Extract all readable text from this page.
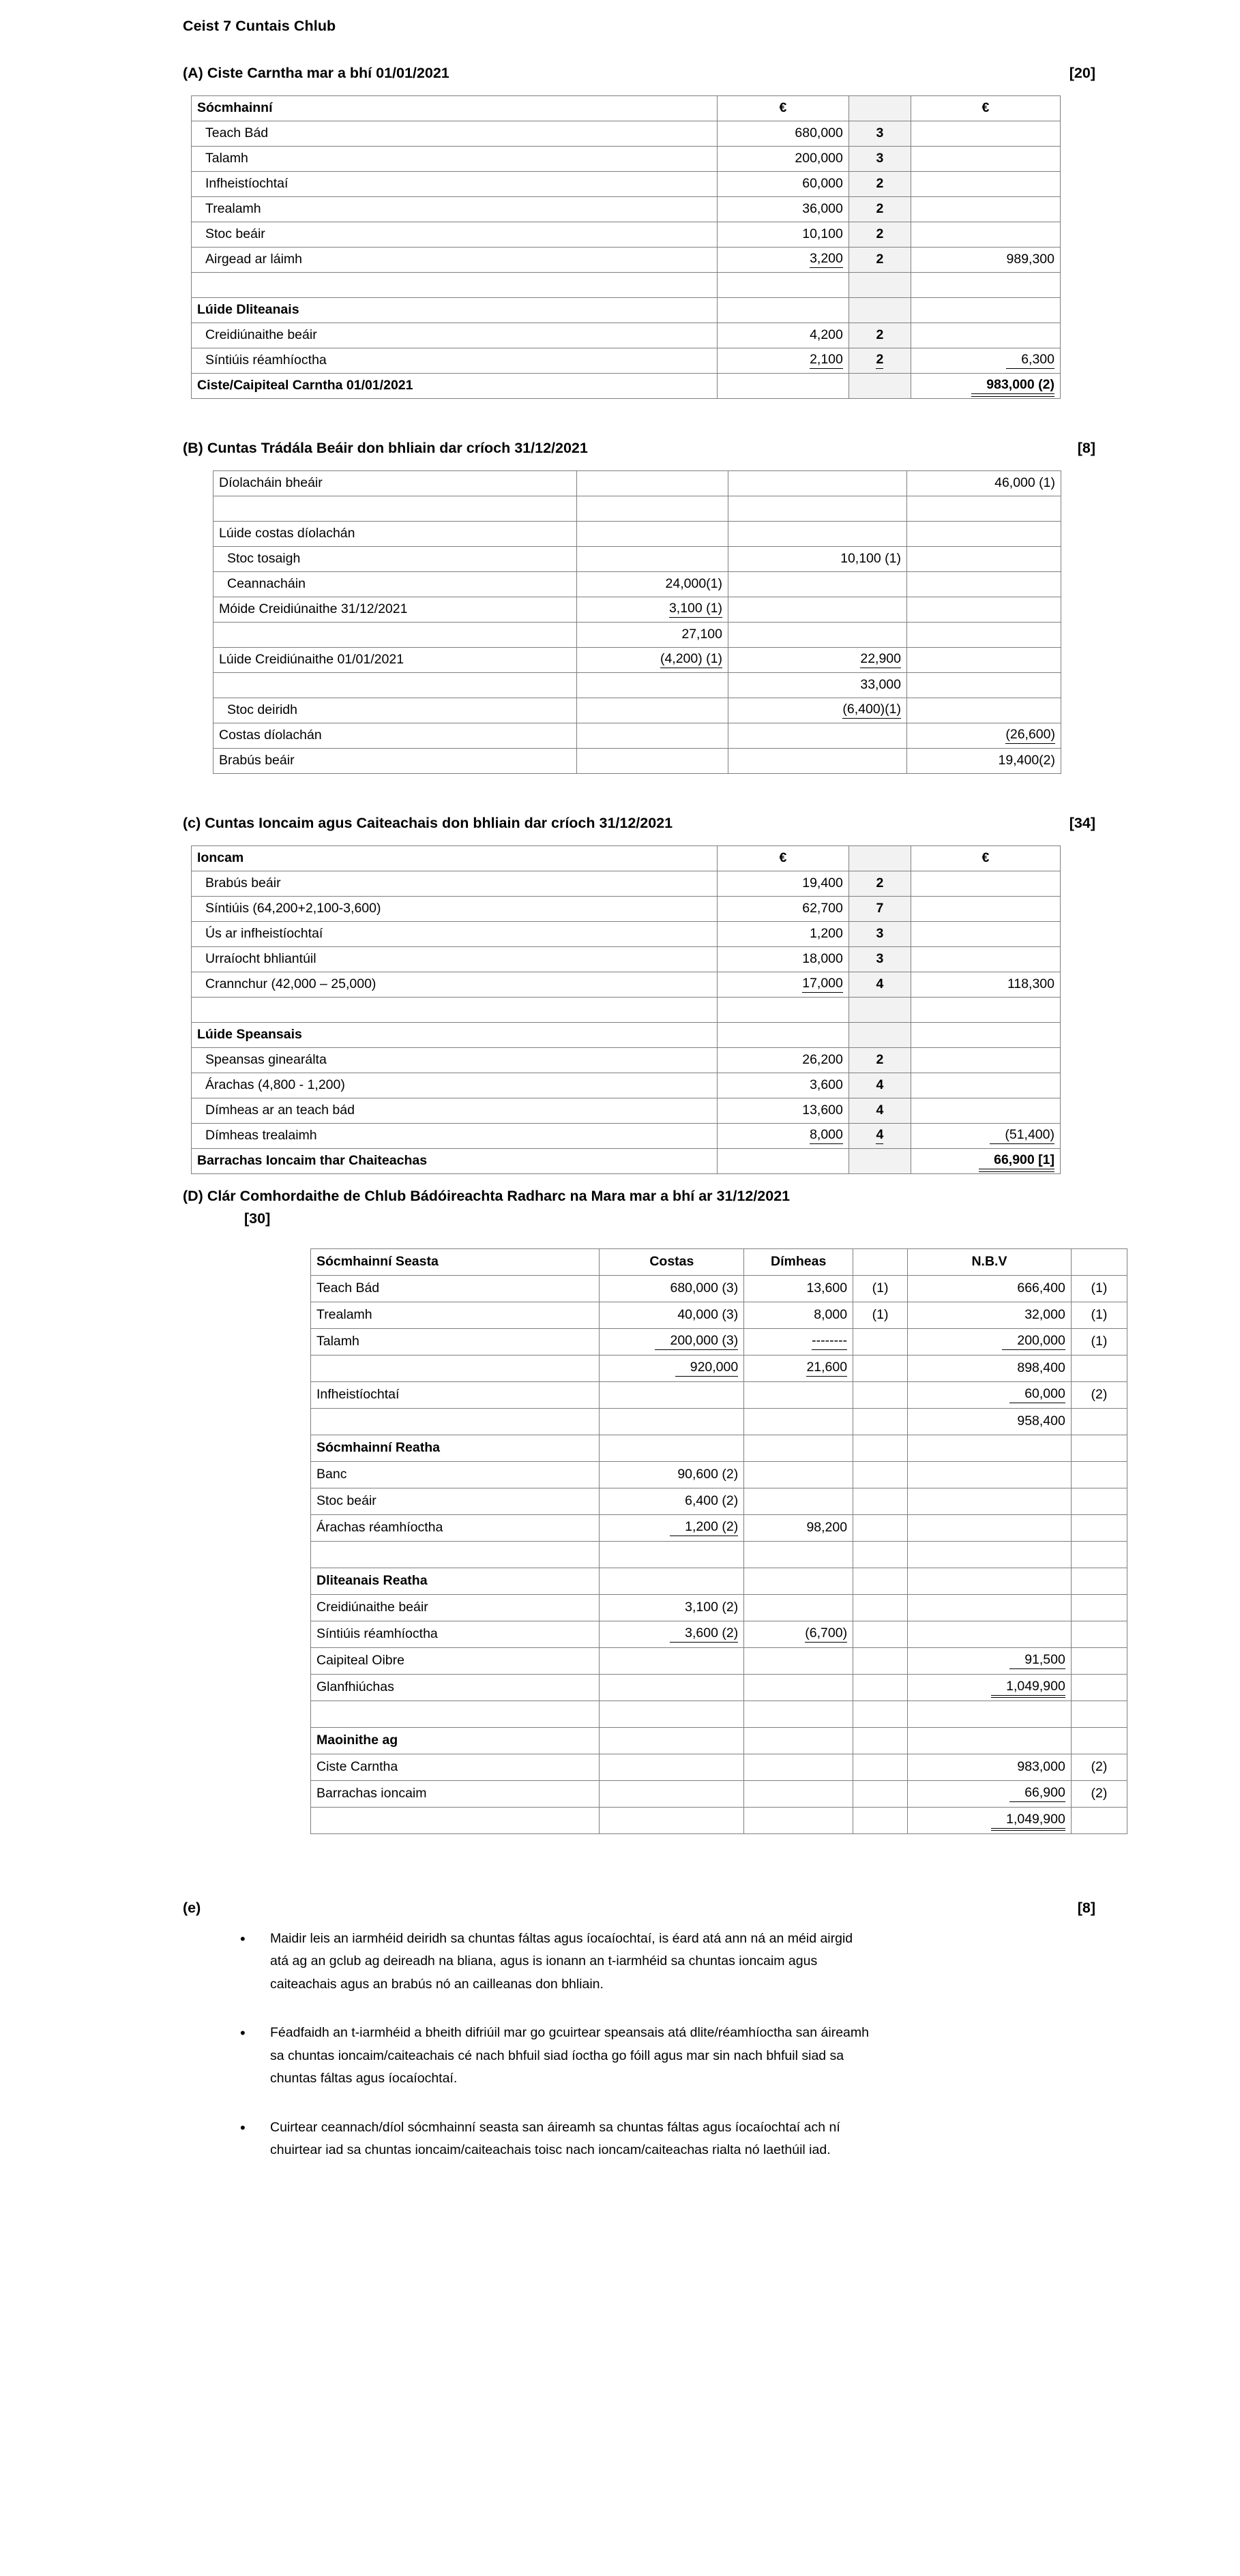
Ceist 7 Cuntais Chlub
(A) Ciste Carntha mar a bhí 01/01/2021	[20]
Sócmhainní	€		€
Teach Bád	680,000	3	
Talamh	200,000	3	
Infheistíochtaí	60,000	2	
Trealamh	36,000	2	
Stoc beáir	10,100	2	
Airgead ar láimh	3,200	2	989,300

Lúide Dliteanais			
Creidiúnaithe beáir	4,200	2	
Síntiúis réamhíoctha	2,100	2	6,300
Ciste/Caipiteal Carntha 01/01/2021			983,000 (2)
(B) Cuntas Trádála Beáir don bhliain dar críoch 31/12/2021	[8]
Díolacháin bheáir			46,000 (1)

Lúide costas díolachán			
Stoc tosaigh		10,100 (1)	
Ceannacháin	24,000(1)		
Móide Creidiúnaithe 31/12/2021	3,100 (1)		
	27,100		
Lúide Creidiúnaithe 01/01/2021	(4,200) (1)	22,900	
		33,000	
Stoc deiridh		(6,400)(1)	
Costas díolachán			(26,600)
Brabús beáir			19,400(2)
(c) Cuntas Ioncaim agus Caiteachais don bhliain dar críoch 31/12/2021	[34]
Ioncam	€		€
Brabús beáir	19,400	2	
Síntiúis (64,200+2,100-3,600)	62,700	7	
Ús ar infheistíochtaí	1,200	3	
Urraíocht bhliantúil	18,000	3	
Crannchur (42,000 – 25,000)	17,000	4	118,300

Lúide Speansais			
Speansas ginearálta	26,200	2	
Árachas (4,800 - 1,200)	3,600	4	
Dímheas ar an teach bád	13,600	4	
Dímheas trealaimh	8,000	4	(51,400)
Barrachas Ioncaim thar Chaiteachas			66,900 [1]
(D) Clár Comhordaithe de Chlub Bádóireachta Radharc na Mara mar a bhí ar 31/12/2021
[30]
Sócmhainní Seasta	Costas	Dímheas		N.B.V	
Teach Bád	680,000 (3)	13,600	(1)	666,400	(1)
Trealamh	40,000 (3)	8,000	(1)	32,000	(1)
Talamh	200,000 (3)	--------		200,000	(1)
	920,000	21,600		898,400	
Infheistíochtaí				60,000	(2)
				958,400	
Sócmhainní Reatha					
Banc	90,600 (2)				
Stoc beáir	6,400 (2)				
Árachas réamhíoctha	1,200 (2)	98,200			

Dliteanais Reatha					
Creidiúnaithe beáir	3,100 (2)				
Síntiúis réamhíoctha	3,600 (2)	(6,700)			
Caipiteal Oibre				91,500	
Glanfhiúchas				1,049,900	

Maoinithe ag					
Ciste Carntha				983,000	(2)
Barrachas ioncaim				66,900	(2)
				1,049,900	
(e)	[8]
• Maidir leis an iarmhéid deiridh sa chuntas fáltas agus íocaíochtaí, is éard atá ann ná an méid airgid atá ag an gclub ag deireadh na bliana, agus is ionann an t-iarmhéid sa chuntas ioncaim agus caiteachais agus an brabús nó an cailleanas don bhliain.
• Féadfaidh an t-iarmhéid a bheith difriúil mar go gcuirtear speansais atá dlite/réamhíoctha san áireamh sa chuntas ioncaim/caiteachais cé nach bhfuil siad íoctha go fóill agus mar sin nach bhfuil siad sa chuntas fáltas agus íocaíochtaí.
• Cuirtear ceannach/díol sócmhainní seasta san áireamh sa chuntas fáltas agus íocaíochtaí ach ní chuirtear iad sa chuntas ioncaim/caiteachais toisc nach ioncam/caiteachas rialta nó laethúil iad.
